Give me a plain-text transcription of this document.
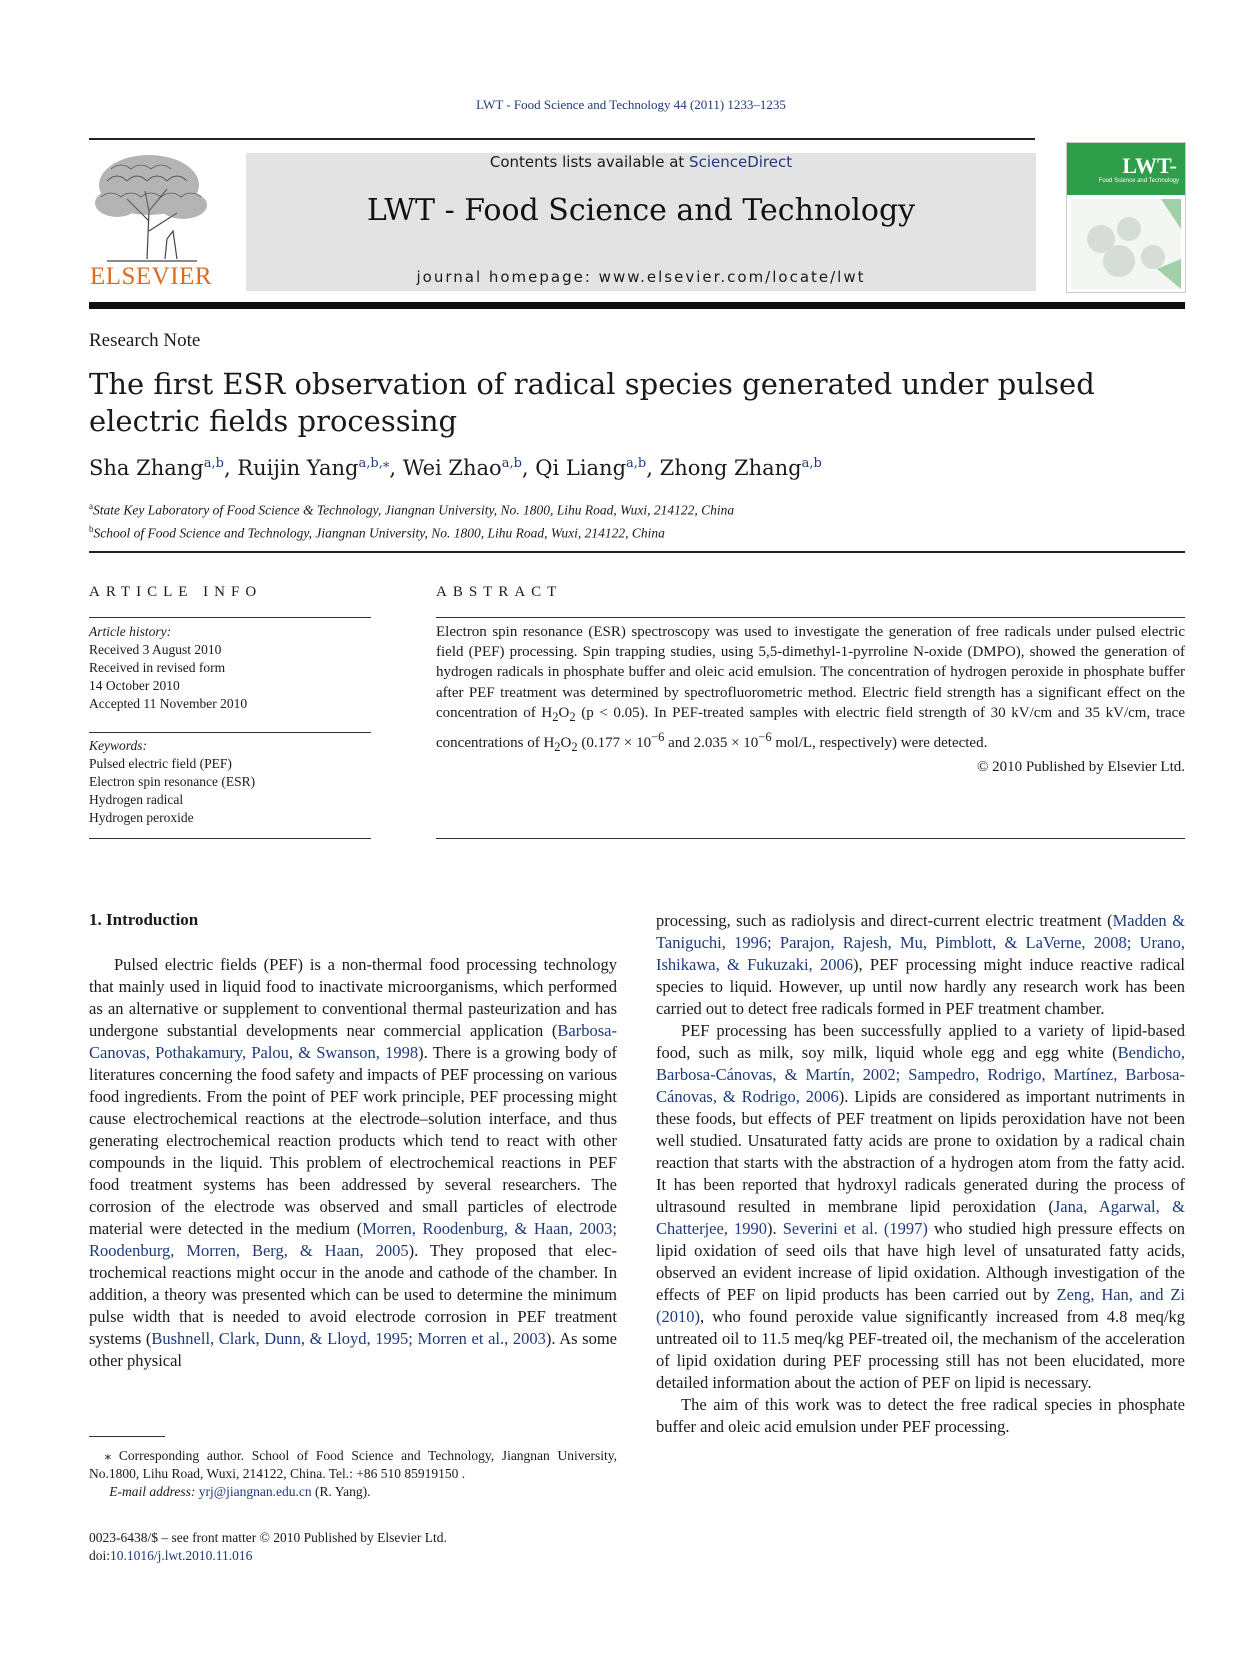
LWT - Food Science and Technology 44 (2011) 1233–1235
ELSEVIER
Contents lists available at ScienceDirect
LWT - Food Science and Technology
journal homepage: www.elsevier.com/locate/lwt
LWT-
Food Science and Technology
Research Note
The first ESR observation of radical species generated under pulsed electric fields processing
Sha Zhang$^{a,b}$, Ruijin Yang$^{a,b,⁎}$, Wei Zhao$^{a,b}$, Qi Liang$^{a,b}$, Zhong Zhang$^{a,b}$
$^a$State Key Laboratory of Food Science & Technology, Jiangnan University, No. 1800, Lihu Road, Wuxi, 214122, China
$^b$School of Food Science and Technology, Jiangnan University, No. 1800, Lihu Road, Wuxi, 214122, China
ARTICLE INFO
Article history:
Received 3 August 2010
Received in revised form
14 October 2010
Accepted 11 November 2010
Keywords:
Pulsed electric field (PEF)
Electron spin resonance (ESR)
Hydrogen radical
Hydrogen peroxide
ABSTRACT
Electron spin resonance (ESR) spectroscopy was used to investigate the generation of free radicals under pulsed electric field (PEF) processing. Spin trapping studies, using 5,5-dimethyl-1-pyrroline N-oxide (DMPO), showed the generation of hydrogen radicals in phosphate buffer and oleic acid emulsion. The concentration of hydrogen peroxide in phosphate buffer after PEF treatment was determined by spectrofluorometric method. Electric field strength has a significant effect on the concentration of $H_2O_2$ (p < 0.05). In PEF-treated samples with electric field strength of 30 kV/cm and 35 kV/cm, trace concentrations of $H_2O_2$ ($0.177 \times 10^{-6}$ and $2.035 \times 10^{-6}$ mol/L, respectively) were detected.
© 2010 Published by Elsevier Ltd.
1. Introduction

Pulsed electric fields (PEF) is a non-thermal food processing technology that mainly used in liquid food to inactivate microorganisms, which performed as an alternative or supplement to conventional thermal pasteurization and has undergone substantial developments near commercial application (Barbosa-Canovas, Pothakamury, Palou, & Swanson, 1998). There is a growing body of literatures concerning the food safety and impacts of PEF processing on various food ingredients. From the point of PEF work principle, PEF processing might cause electrochemical reactions at the electrode–solution interface, and thus generating electrochemical reaction products which tend to react with other compounds in the liquid. This problem of electrochemical reactions in PEF food treatment systems has been addressed by several researchers. The corrosion of the electrode was observed and small particles of electrode material were detected in the medium (Morren, Roodenburg, & Haan, 2003; Roodenburg, Morren, Berg, & Haan, 2005). They proposed that electrochemical reactions might occur in the anode and cathode of the chamber. In addition, a theory was presented which can be used to determine the minimum pulse width that is needed to avoid electrode corrosion in PEF treatment systems (Bushnell, Clark, Dunn, & Lloyd, 1995; Morren et al., 2003). As some other physical

processing, such as radiolysis and direct-current electric treatment (Madden & Taniguchi, 1996; Parajon, Rajesh, Mu, Pimblott, & LaVerne, 2008; Urano, Ishikawa, & Fukuzaki, 2006), PEF processing might induce reactive radical species to liquid. However, up until now hardly any research work has been carried out to detect free radicals formed in PEF treatment chamber.

PEF processing has been successfully applied to a variety of lipid-based food, such as milk, soy milk, liquid whole egg and egg white (Bendicho, Barbosa-Cánovas, & Martín, 2002; Sampedro, Rodrigo, Martínez, Barbosa-Cánovas, & Rodrigo, 2006). Lipids are considered as important nutriments in these foods, but effects of PEF treatment on lipids peroxidation have not been well studied. Unsaturated fatty acids are prone to oxidation by a radical chain reaction that starts with the abstraction of a hydrogen atom from the fatty acid. It has been reported that hydroxyl radicals generated during the process of ultrasound resulted in membrane lipid peroxidation (Jana, Agarwal, & Chatterjee, 1990). Severini et al. (1997) who studied high pressure effects on lipid oxidation of seed oils that have high level of unsaturated fatty acids, observed an evident increase of lipid oxidation. Although investigation of the effects of PEF on lipid products has been carried out by Zeng, Han, and Zi (2010), who found peroxide value significantly increased from 4.8 meq/kg untreated oil to 11.5 meq/kg PEF-treated oil, the mechanism of the acceleration of lipid oxidation during PEF processing still has not been elucidated, more detailed information about the action of PEF on lipid is necessary.

The aim of this work was to detect the free radical species in phosphate buffer and oleic acid emulsion under PEF processing.

⁎ Corresponding author. School of Food Science and Technology, Jiangnan University, No.1800, Lihu Road, Wuxi, 214122, China. Tel.: +86 510 85919150 .
E-mail address: yrj@jiangnan.edu.cn (R. Yang).
0023-6438/$ – see front matter © 2010 Published by Elsevier Ltd.
doi:10.1016/j.lwt.2010.11.016
